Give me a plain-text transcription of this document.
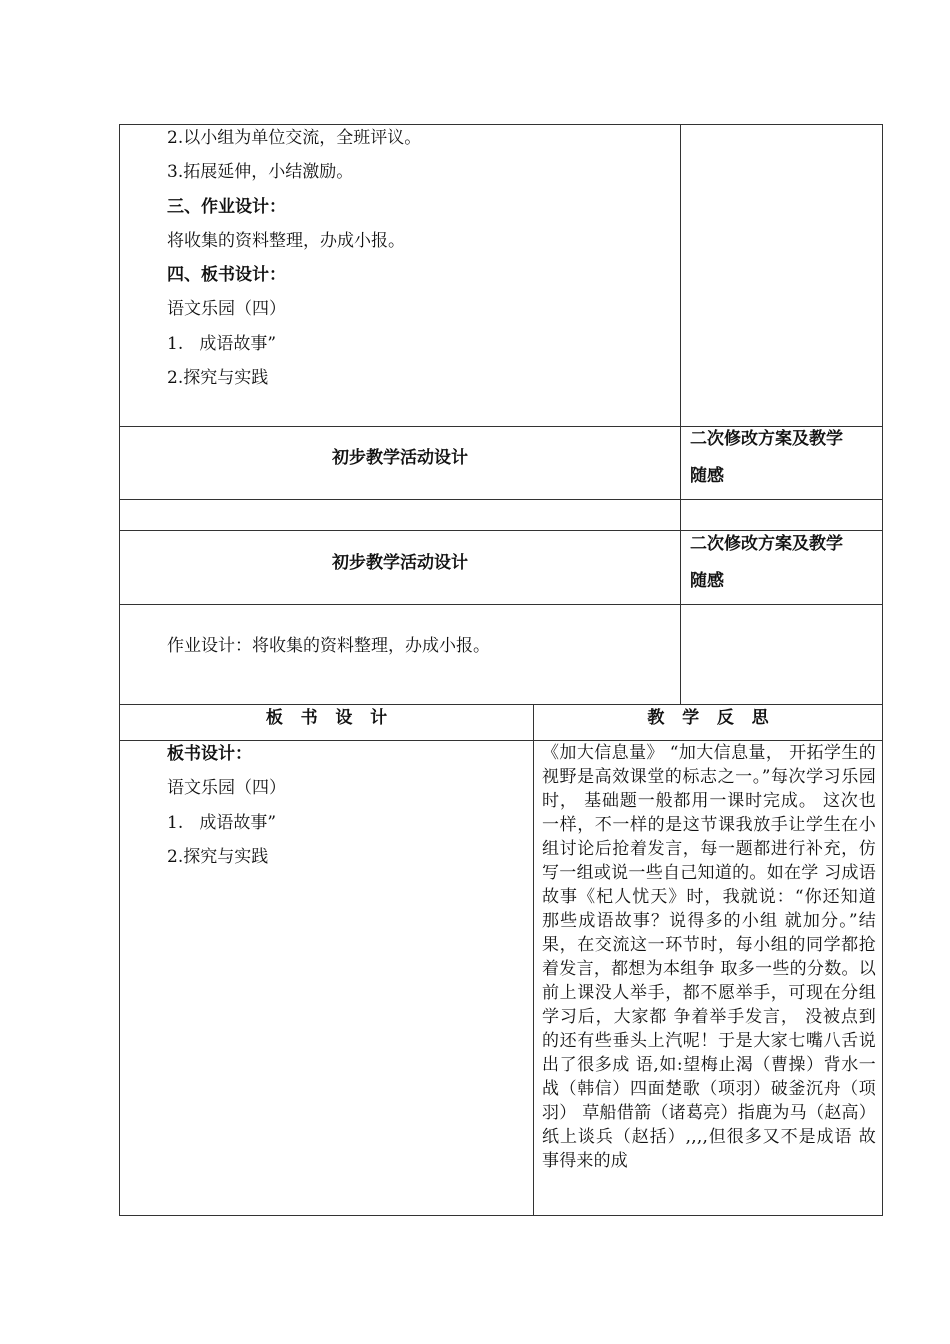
2.以小组为单位交流，全班评议。
3.拓展延伸，小结激励。
三、作业设计：
将收集的资料整理，办成小报。
四、板书设计：
语文乐园（四）
1.   成语故事”
2.探究与实践
初步教学活动设计
二次修改方案及教学
随感
初步教学活动设计
二次修改方案及教学
随感
作业设计：将收集的资料整理，办成小报。
板   书   设   计	教   学   反   思
板书设计：
语文乐园（四）
1.   成语故事”
2.探究与实践
《加大信息量》 “加大信息量， 开拓学生的视野是高效课堂的标志之一。”每次学习乐园时， 基础题一般都用一课时完成。 这次也一样，不一样的是这节课我放手让学生在小 组讨论后抢着发言，每一题都进行补充，仿写一组或说一些自己知道的。如在学 习成语故事《杞人忧天》时，我就说：“你还知道那些成语故事？说得多的小组 就加分。”结果，在交流这一环节时，每小组的同学都抢着发言，都想为本组争 取多一些的分数。以前上课没人举手，都不愿举手，可现在分组学习后，大家都 争着举手发言， 没被点到的还有些垂头上汽呢！于是大家七嘴八舌说出了很多成 语,如:望梅止渴（曹操）背水一战（韩信）四面楚歌（项羽）破釜沉舟（项羽） 草船借箭（诸葛亮）指鹿为马（赵高）纸上谈兵（赵括）,,,,但很多又不是成语 故事得来的成
